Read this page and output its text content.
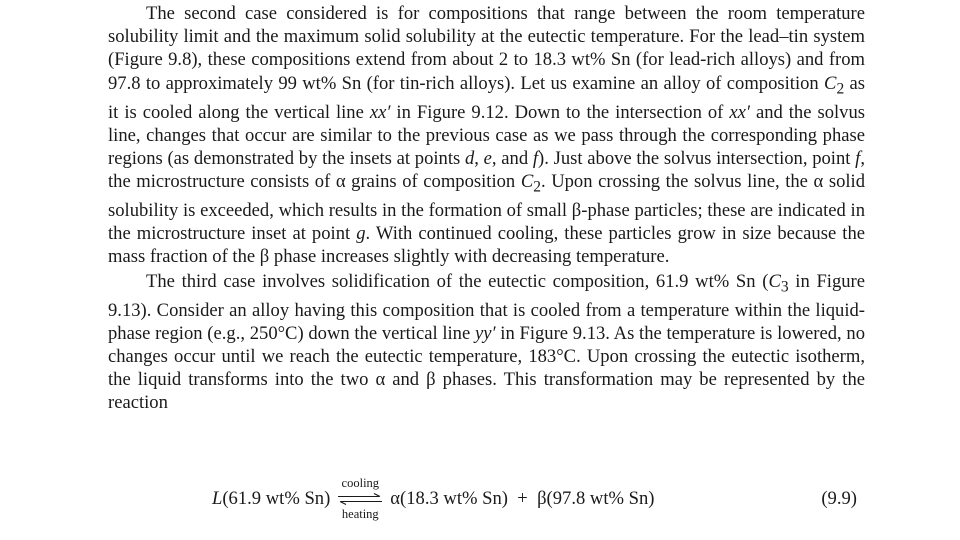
The second case considered is for compositions that range between the room temperature solubility limit and the maximum solid solubility at the eutectic temperature. For the lead–tin system (Figure 9.8), these compositions extend from about 2 to 18.3 wt% Sn (for lead-rich alloys) and from 97.8 to approximately 99 wt% Sn (for tin-rich alloys). Let us examine an alloy of composition $C_2$ as it is cooled along the vertical line xx′ in Figure 9.12. Down to the intersection of xx′ and the solvus line, changes that occur are similar to the previous case as we pass through the corresponding phase regions (as demonstrated by the insets at points d, e, and f). Just above the solvus intersection, point f, the microstructure consists of α grains of composition $C_2$. Upon crossing the solvus line, the α solid solubility is exceeded, which results in the formation of small β-phase particles; these are indicated in the microstructure inset at point g. With continued cooling, these particles grow in size because the mass fraction of the β phase increases slightly with decreasing temperature.

The third case involves solidification of the eutectic composition, 61.9 wt% Sn ($C_3$ in Figure 9.13). Consider an alloy having this composition that is cooled from a temperature within the liquid-phase region (e.g., 250°C) down the vertical line yy′ in Figure 9.13. As the temperature is lowered, no changes occur until we reach the eutectic temperature, 183°C. Upon crossing the eutectic isotherm, the liquid transforms into the two α and β phases. This transformation may be represented by the reaction

L(61.9 wt% Sn)
cooling
heating
α(18.3 wt% Sn) + β(97.8 wt% Sn)	(9.9)
